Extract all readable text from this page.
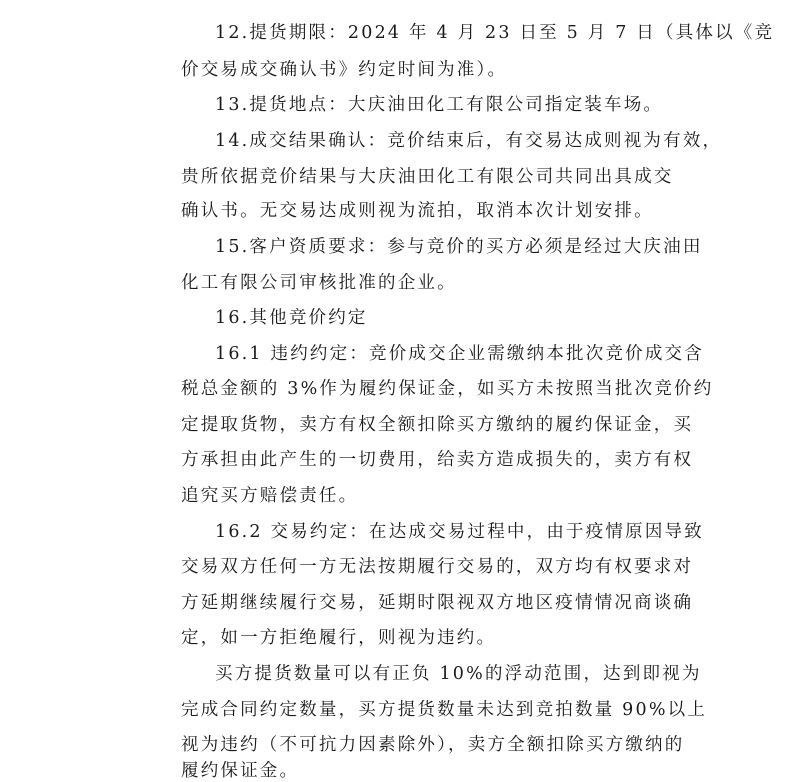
12.提货期限：2024 年 4 月 23 日至 5 月 7 日（具体以《竞
价交易成交确认书》约定时间为准）。
13.提货地点：大庆油田化工有限公司指定装车场。
14.成交结果确认：竞价结束后，有交易达成则视为有效，
贵所依据竞价结果与大庆油田化工有限公司共同出具成交
确认书。无交易达成则视为流拍，取消本次计划安排。
15.客户资质要求：参与竞价的买方必须是经过大庆油田
化工有限公司审核批准的企业。
16.其他竞价约定
16.1 违约约定：竞价成交企业需缴纳本批次竞价成交含
税总金额的 3%作为履约保证金，如买方未按照当批次竞价约
定提取货物，卖方有权全额扣除买方缴纳的履约保证金，买
方承担由此产生的一切费用，给卖方造成损失的，卖方有权
追究买方赔偿责任。
16.2 交易约定：在达成交易过程中，由于疫情原因导致
交易双方任何一方无法按期履行交易的，双方均有权要求对
方延期继续履行交易，延期时限视双方地区疫情情况商谈确
定，如一方拒绝履行，则视为违约。
买方提货数量可以有正负 10%的浮动范围，达到即视为
完成合同约定数量，买方提货数量未达到竞拍数量 90%以上
视为违约（不可抗力因素除外），卖方全额扣除买方缴纳的
履约保证金。
